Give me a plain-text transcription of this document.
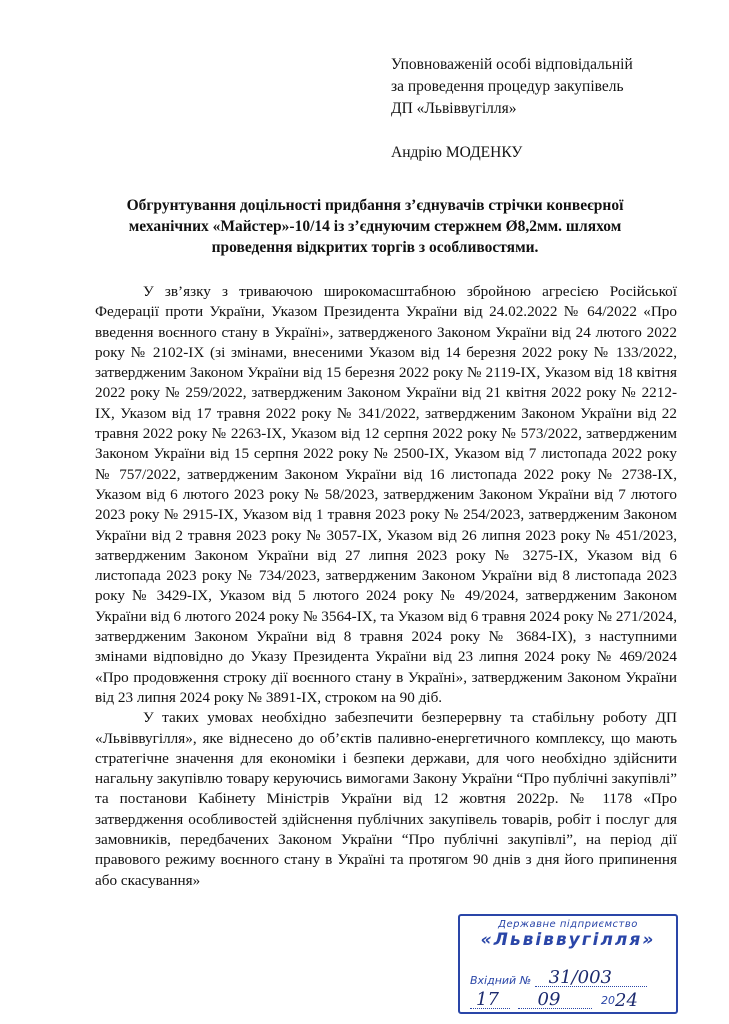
Уповноваженій особі відповідальній
за проведення процедур закупівель
ДП «Львіввугілля»
Андрію МОДЕНКУ
Обгрунтування доцільності придбання з’єднувачів стрічки конвеєрної механічних «Майстер»-10/14 із з’єднуючим стержнем Ø8,2мм. шляхом проведення відкритих торгів з особливостями.

У зв’язку з триваючою широкомасштабною збройною агресією Російської Федерації проти України, Указом Президента України від 24.02.2022 № 64/2022 «Про введення воєнного стану в Україні», затвердженого Законом України від 24 лютого 2022 року № 2102-IX (зі змінами, внесеними Указом від 14 березня 2022 року № 133/2022, затвердженим Законом України від 15 березня 2022 року № 2119-IX, Указом від 18 квітня 2022 року № 259/2022, затвердженим Законом України від 21 квітня 2022 року № 2212-IX, Указом від 17 травня 2022 року № 341/2022, затвердженим Законом України від 22 травня 2022 року № 2263-IX, Указом від 12 серпня 2022 року № 573/2022, затвердженим Законом України від 15 серпня 2022 року № 2500-IX, Указом від 7 листопада 2022 року № 757/2022, затвердженим Законом України від 16 листопада 2022 року № 2738-IX, Указом від 6 лютого 2023 року № 58/2023, затвердженим Законом України від 7 лютого 2023 року № 2915-IX, Указом від 1 травня 2023 року № 254/2023, затвердженим Законом України від 2 травня 2023 року № 3057-IX, Указом від 26 липня 2023 року № 451/2023, затвердженим Законом України від 27 липня 2023 року № 3275-IX, Указом від 6 листопада 2023 року № 734/2023, затвердженим Законом України від 8 листопада 2023 року № 3429-IX, Указом від 5 лютого 2024 року № 49/2024, затвердженим Законом України від 6 лютого 2024 року № 3564-IX, та Указом від 6 травня 2024 року № 271/2024, затвердженим Законом України від 8 травня 2024 року № 3684-IX), з наступними змінами відповідно до Указу Президента України від 23 липня 2024 року № 469/2024 «Про продовження строку дії воєнного стану в Україні», затвердженим Законом України від 23 липня 2024 року № 3891-IX, строком на 90 діб.

У таких умовах необхідно забезпечити безперервну та стабільну роботу ДП «Львіввугілля», яке віднесено до об’єктів паливно-енергетичного комплексу, що мають стратегічне значення для економіки і безпеки держави, для чого необхідно здійснити нагальну закупівлю товару керуючись вимогами Закону України “Про публічні закупівлі” та постанови Кабінету Міністрів України від 12 жовтня 2022р. № 1178 «Про затвердження особливостей здійснення публічних закупівель товарів, робіт і послуг для замовників, передбачених Законом України “Про публічні закупівлі”, на період дії правового режиму воєнного стану в Україні та протягом 90 днів з дня його припинення або скасування»

Державне підприємство
«Львіввугілля»
Вхідний № 31/003
17 09	2024
